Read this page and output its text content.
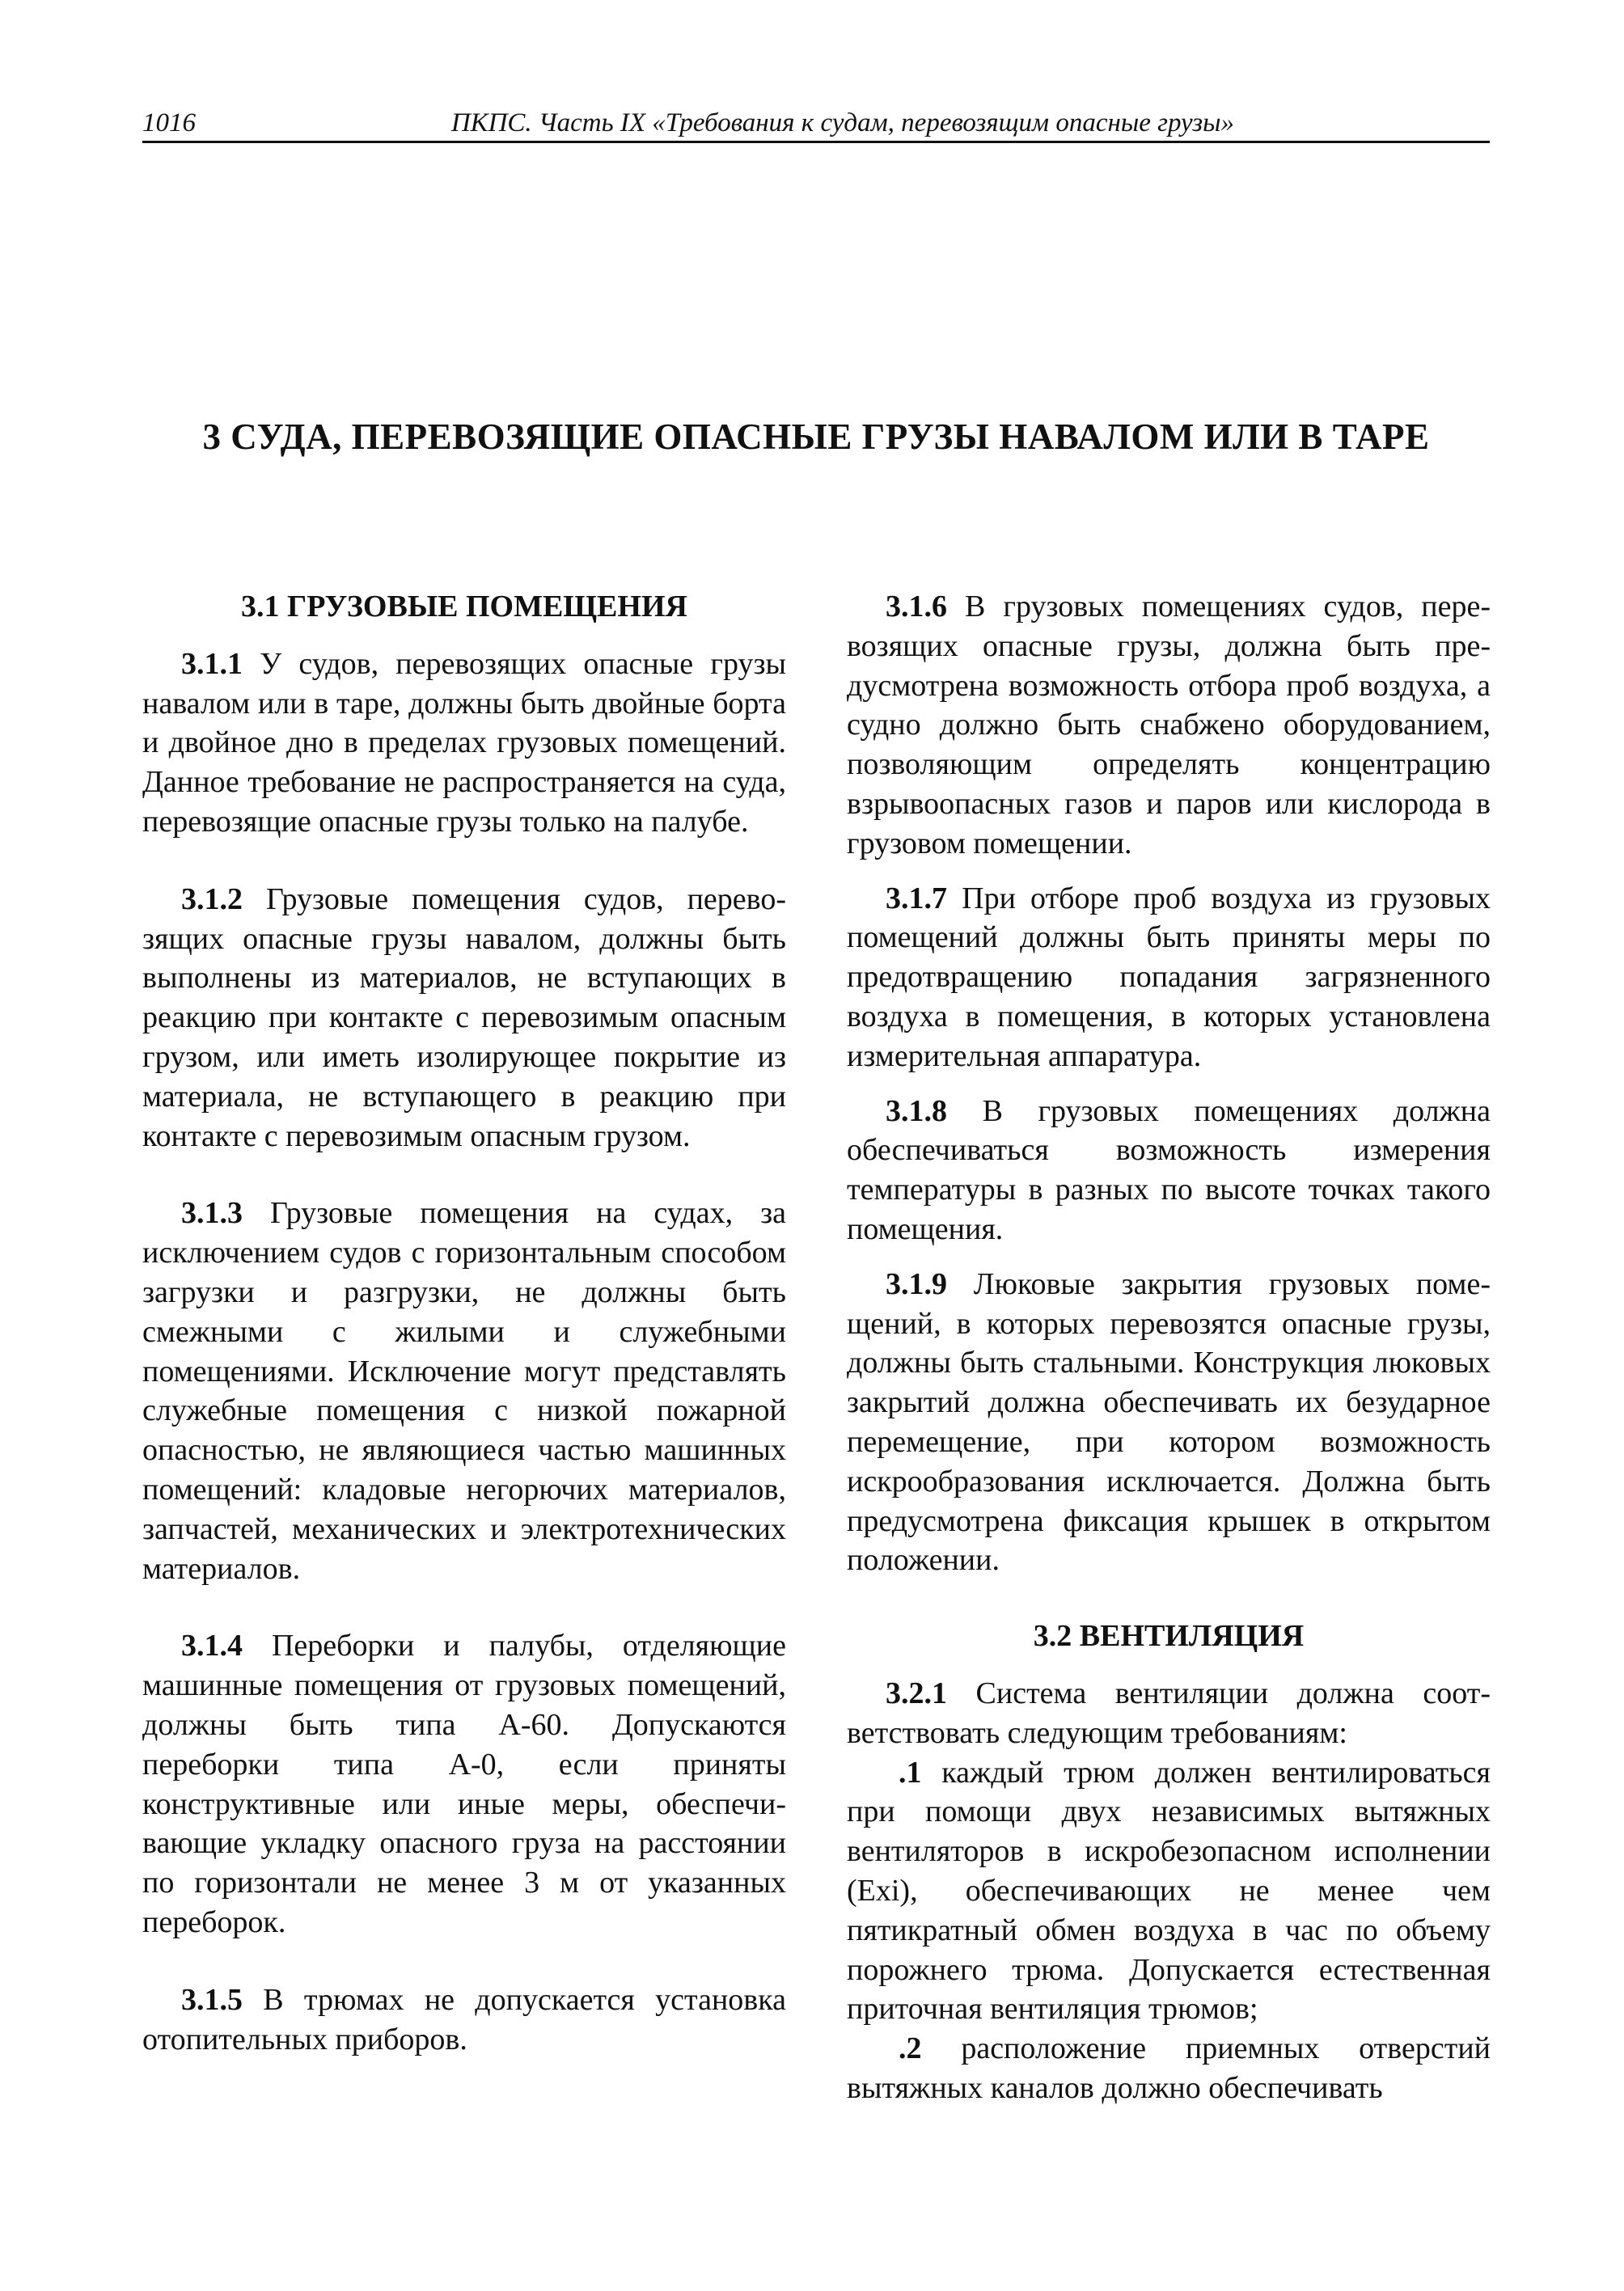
1016	ПКПС. Часть IX «Требования к судам, перевозящим опасные грузы»
3 СУДА, ПЕРЕВОЗЯЩИЕ ОПАСНЫЕ ГРУЗЫ НАВАЛОМ ИЛИ В ТАРЕ
3.1 ГРУЗОВЫЕ ПОМЕЩЕНИЯ

3.1.1 У судов, перевозящих опасные грузы навалом или в таре, должны быть двойные борта и двойное дно в пределах грузовых помещений. Данное требование не распространяется на суда, перевозящие опасные грузы только на палубе.

3.1.2 Грузовые помещения судов, перевозящих опасные грузы навалом, должны быть выполнены из материалов, не вступающих в реакцию при контакте с перевозимым опасным грузом, или иметь изолирующее покрытие из материала, не вступающего в реакцию при контакте с перевозимым опасным грузом.

3.1.3 Грузовые помещения на судах, за исключением судов с горизонтальным способом загрузки и разгрузки, не должны быть смежными с жилыми и служебными помещениями. Исключение могут представлять служебные помещения с низкой пожарной опасностью, не являющиеся частью машинных помещений: кладовые негорючих материалов, запчастей, механических и электротехнических материалов.

3.1.4 Переборки и палубы, отделяющие машинные помещения от грузовых помещений, должны быть типа А-60. Допускаются переборки типа А-0, если приняты конструктивные или иные меры, обеспечивающие укладку опасного груза на расстоянии по горизонтали не менее 3 м от указанных переборок.

3.1.5 В трюмах не допускается установка отопительных приборов.

3.1.6 В грузовых помещениях судов, перевозящих опасные грузы, должна быть предусмотрена возможность отбора проб воздуха, а судно должно быть снабжено оборудованием, позволяющим определять концентрацию взрывоопасных газов и паров или кислорода в грузовом помещении.

3.1.7 При отборе проб воздуха из грузовых помещений должны быть приняты меры по предотвращению попадания загрязненного воздуха в помещения, в которых установлена измерительная аппаратура.

3.1.8 В грузовых помещениях должна обеспечиваться возможность измерения температуры в разных по высоте точках такого помещения.

3.1.9 Люковые закрытия грузовых помещений, в которых перевозятся опасные грузы, должны быть стальными. Конструкция люковых закрытий должна обеспечивать их безударное перемещение, при котором возможность искрообразования исключается. Должна быть предусмотрена фиксация крышек в открытом положении.

3.2 ВЕНТИЛЯЦИЯ

3.2.1 Система вентиляции должна соответствовать следующим требованиям:

.1 каждый трюм должен вентилироваться при помощи двух независимых вытяжных вентиляторов в искробезопасном исполнении (Exi), обеспечивающих не менее чем пятикратный обмен воздуха в час по объему порожнего трюма. Допускается естественная приточная вентиляция трюмов;

.2 расположение приемных отверстий вытяжных каналов должно обеспечивать
